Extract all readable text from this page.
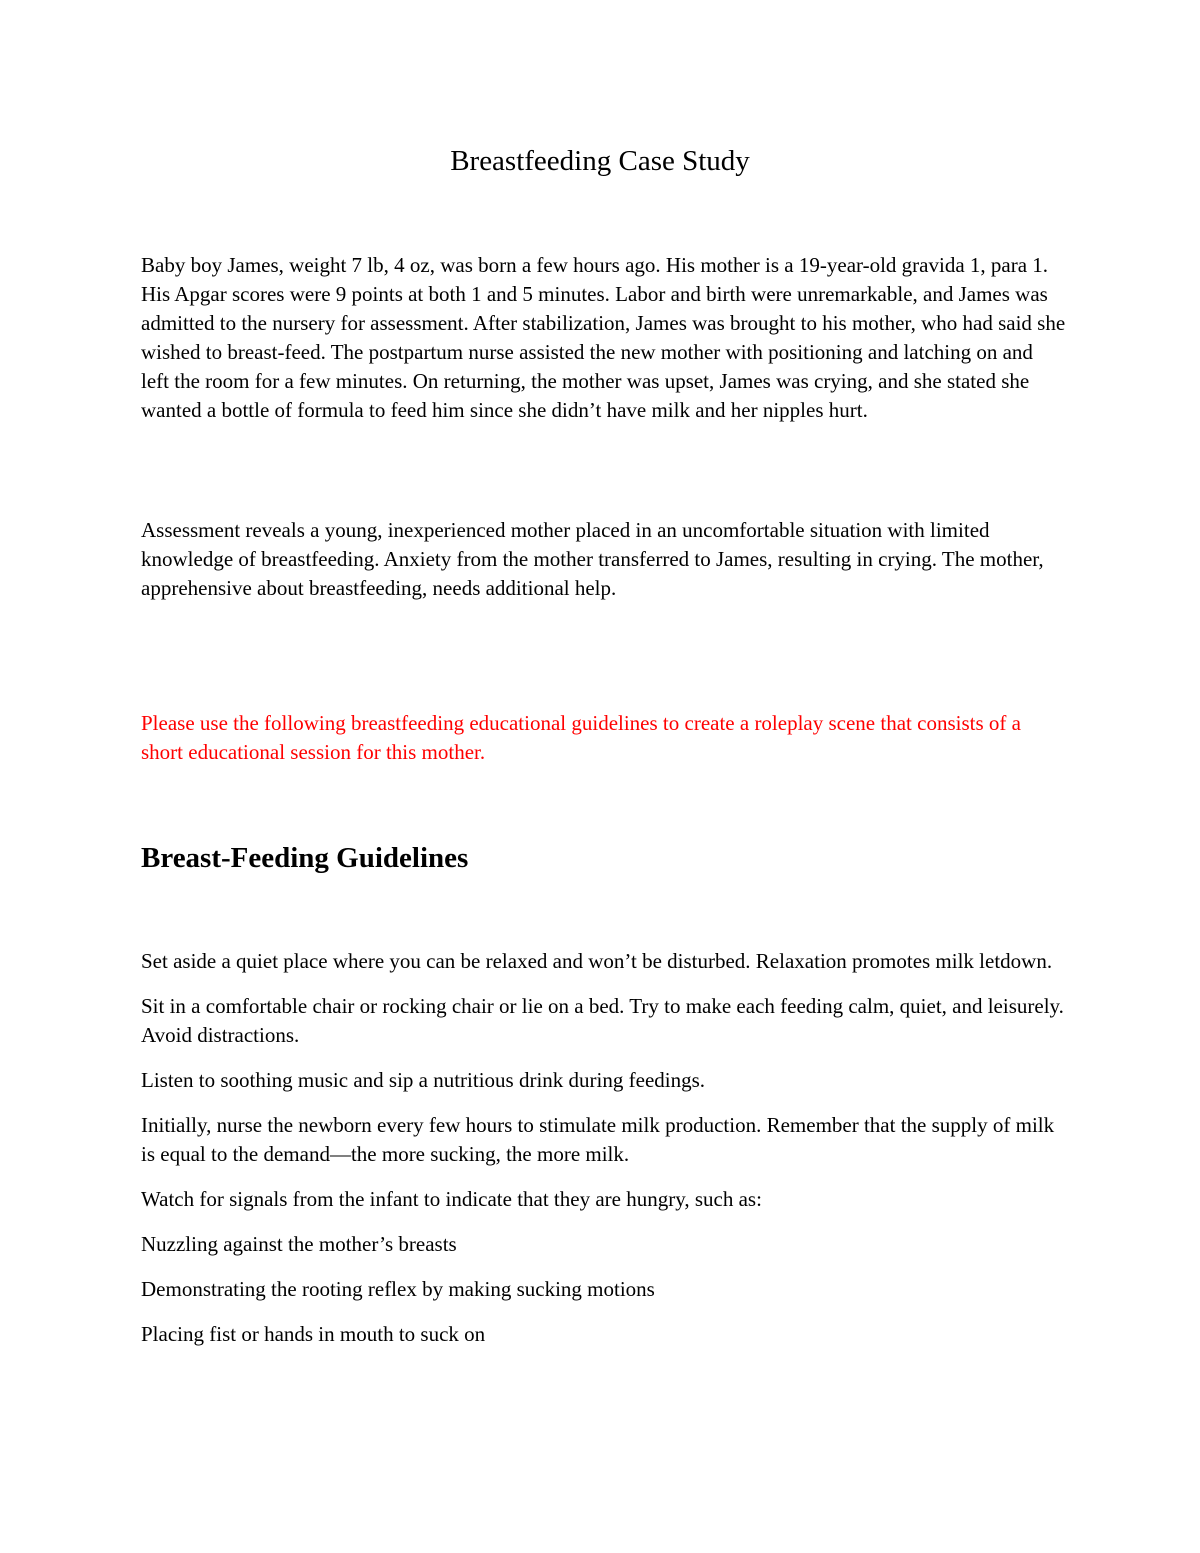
Breastfeeding Case Study

Baby boy James, weight 7 lb, 4 oz, was born a few hours ago. His mother is a 19-year-old gravida 1, para 1. His Apgar scores were 9 points at both 1 and 5 minutes. Labor and birth were unremarkable, and James was admitted to the nursery for assessment. After stabilization, James was brought to his mother, who had said she wished to breast-feed. The postpartum nurse assisted the new mother with positioning and latching on and left the room for a few minutes. On returning, the mother was upset, James was crying, and she stated she wanted a bottle of formula to feed him since she didn’t have milk and her nipples hurt.

Assessment reveals a young, inexperienced mother placed in an uncomfortable situation with limited knowledge of breastfeeding. Anxiety from the mother transferred to James, resulting in crying. The mother, apprehensive about breastfeeding, needs additional help.

Please use the following breastfeeding educational guidelines to create a roleplay scene that consists of a short educational session for this mother.

Breast-Feeding Guidelines
Set aside a quiet place where you can be relaxed and won’t be disturbed. Relaxation promotes milk letdown.
Sit in a comfortable chair or rocking chair or lie on a bed. Try to make each feeding calm, quiet, and leisurely. Avoid distractions.
Listen to soothing music and sip a nutritious drink during feedings.
Initially, nurse the newborn every few hours to stimulate milk production. Remember that the supply of milk is equal to the demand—the more sucking, the more milk.
Watch for signals from the infant to indicate that they are hungry, such as:
Nuzzling against the mother’s breasts
Demonstrating the rooting reflex by making sucking motions
Placing fist or hands in mouth to suck on
